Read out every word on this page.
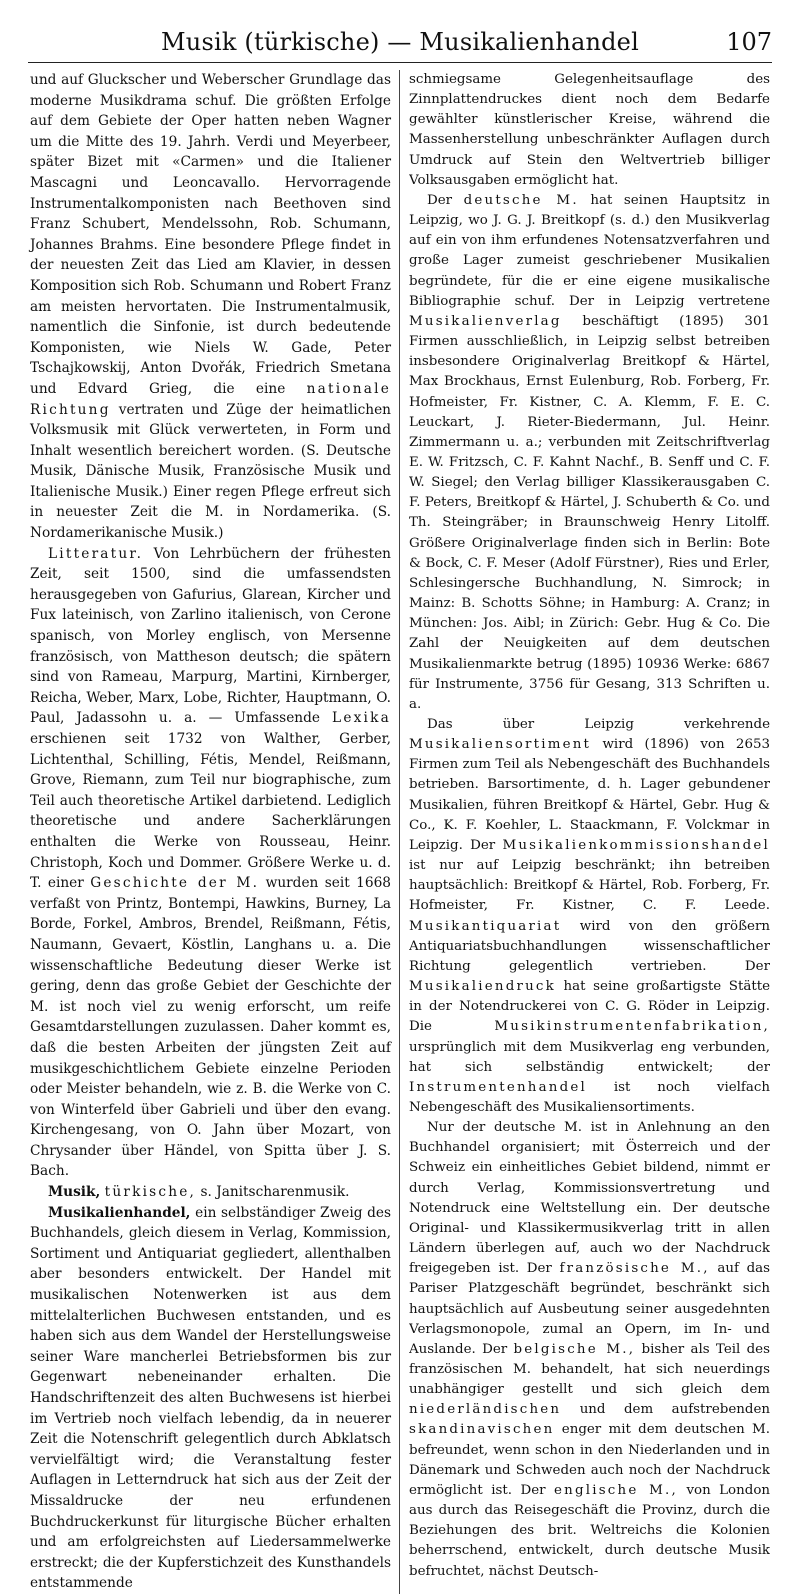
Musik (türkische) — Musikalienhandel	107

und auf Gluckscher und Weberscher Grundlage das moderne Musikdrama schuf. Die größten Erfolge auf dem Gebiete der Oper hatten neben Wagner um die Mitte des 19. Jahrh. Verdi und Meyerbeer, später Bizet mit «Carmen» und die Italiener Mascagni und Leoncavallo. Hervorragende Instrumentalkomponisten nach Beethoven sind Franz Schubert, Mendelssohn, Rob. Schumann, Johannes Brahms. Eine besondere Pflege findet in der neuesten Zeit das Lied am Klavier, in dessen Komposition sich Rob. Schumann und Robert Franz am meisten hervortaten. Die Instrumentalmusik, namentlich die Sinfonie, ist durch bedeutende Komponisten, wie Niels W. Gade, Peter Tschajkowskij, Anton Dvořák, Friedrich Smetana und Edvard Grieg, die eine nationale Richtung vertraten und Züge der heimatlichen Volksmusik mit Glück verwerteten, in Form und Inhalt wesentlich bereichert worden. (S. Deutsche Musik, Dänische Musik, Französische Musik und Italienische Musik.) Einer regen Pflege erfreut sich in neuester Zeit die M. in Nordamerika. (S. Nordamerikanische Musik.)

Litteratur. Von Lehrbüchern der frühesten Zeit, seit 1500, sind die umfassendsten herausgegeben von Gafurius, Glarean, Kircher und Fux lateinisch, von Zarlino italienisch, von Cerone spanisch, von Morley englisch, von Mersenne französisch, von Mattheson deutsch; die spätern sind von Rameau, Marpurg, Martini, Kirnberger, Reicha, Weber, Marx, Lobe, Richter, Hauptmann, O. Paul, Jadassohn u. a. — Umfassende Lexika erschienen seit 1732 von Walther, Gerber, Lichtenthal, Schilling, Fétis, Mendel, Reißmann, Grove, Riemann, zum Teil nur biographische, zum Teil auch theoretische Artikel darbietend. Lediglich theoretische und andere Sacherklärungen enthalten die Werke von Rousseau, Heinr. Christoph, Koch und Dommer. Größere Werke u. d. T. einer Geschichte der M. wurden seit 1668 verfaßt von Printz, Bontempi, Hawkins, Burney, La Borde, Forkel, Ambros, Brendel, Reißmann, Fétis, Naumann, Gevaert, Köstlin, Langhans u. a. Die wissenschaftliche Bedeutung dieser Werke ist gering, denn das große Gebiet der Geschichte der M. ist noch viel zu wenig erforscht, um reife Gesamtdarstellungen zuzulassen. Daher kommt es, daß die besten Arbeiten der jüngsten Zeit auf musikgeschichtlichem Gebiete einzelne Perioden oder Meister behandeln, wie z. B. die Werke von C. von Winterfeld über Gabrieli und über den evang. Kirchengesang, von O. Jahn über Mozart, von Chrysander über Händel, von Spitta über J. S. Bach.

Musik, türkische, s. Janitscharenmusik.

Musikalienhandel, ein selbständiger Zweig des Buchhandels, gleich diesem in Verlag, Kommission, Sortiment und Antiquariat gegliedert, allenthalben aber besonders entwickelt. Der Handel mit musikalischen Notenwerken ist aus dem mittelalterlichen Buchwesen entstanden, und es haben sich aus dem Wandel der Herstellungsweise seiner Ware mancherlei Betriebsformen bis zur Gegenwart nebeneinander erhalten. Die Handschriftenzeit des alten Buchwesens ist hierbei im Vertrieb noch vielfach lebendig, da in neuerer Zeit die Notenschrift gelegentlich durch Abklatsch vervielfältigt wird; die Veranstaltung fester Auflagen in Letterndruck hat sich aus der Zeit der Missaldrucke der neu erfundenen Buchdruckerkunst für liturgische Bücher erhalten und am erfolgreichsten auf Liedersammelwerke erstreckt; die der Kupferstichzeit des Kunsthandels entstammende

schmiegsame Gelegenheitsauflage des Zinnplattendruckes dient noch dem Bedarfe gewählter künstlerischer Kreise, während die Massenherstellung unbeschränkter Auflagen durch Umdruck auf Stein den Weltvertrieb billiger Volksausgaben ermöglicht hat.

Der deutsche M. hat seinen Hauptsitz in Leipzig, wo J. G. J. Breitkopf (s. d.) den Musikverlag auf ein von ihm erfundenes Notensatzverfahren und große Lager zumeist geschriebener Musikalien begründete, für die er eine eigene musikalische Bibliographie schuf. Der in Leipzig vertretene Musikalienverlag beschäftigt (1895) 301 Firmen ausschließlich, in Leipzig selbst betreiben insbesondere Originalverlag Breitkopf & Härtel, Max Brockhaus, Ernst Eulenburg, Rob. Forberg, Fr. Hofmeister, Fr. Kistner, C. A. Klemm, F. E. C. Leuckart, J. Rieter-Biedermann, Jul. Heinr. Zimmermann u. a.; verbunden mit Zeitschriftverlag E. W. Fritzsch, C. F. Kahnt Nachf., B. Senff und C. F. W. Siegel; den Verlag billiger Klassikerausgaben C. F. Peters, Breitkopf & Härtel, J. Schuberth & Co. und Th. Steingräber; in Braunschweig Henry Litolff. Größere Originalverlage finden sich in Berlin: Bote & Bock, C. F. Meser (Adolf Fürstner), Ries und Erler, Schlesingersche Buchhandlung, N. Simrock; in Mainz: B. Schotts Söhne; in Hamburg: A. Cranz; in München: Jos. Aibl; in Zürich: Gebr. Hug & Co. Die Zahl der Neuigkeiten auf dem deutschen Musikalienmarkte betrug (1895) 10936 Werke: 6867 für Instrumente, 3756 für Gesang, 313 Schriften u. a.

Das über Leipzig verkehrende Musikaliensortiment wird (1896) von 2653 Firmen zum Teil als Nebengeschäft des Buchhandels betrieben. Barsortimente, d. h. Lager gebundener Musikalien, führen Breitkopf & Härtel, Gebr. Hug & Co., K. F. Koehler, L. Staackmann, F. Volckmar in Leipzig. Der Musikalienkommissionshandel ist nur auf Leipzig beschränkt; ihn betreiben hauptsächlich: Breitkopf & Härtel, Rob. Forberg, Fr. Hofmeister, Fr. Kistner, C. F. Leede. Musikantiquariat wird von den größern Antiquariatsbuchhandlungen wissenschaftlicher Richtung gelegentlich vertrieben. Der Musikaliendruck hat seine großartigste Stätte in der Notendruckerei von C. G. Röder in Leipzig. Die	Musikinstrumentenfabrikation, ursprünglich mit dem Musikverlag eng verbunden, hat sich selbständig entwickelt; der Instrumentenhandel ist noch vielfach Nebengeschäft des Musikaliensortiments.

Nur der deutsche M. ist in Anlehnung an den Buchhandel organisiert; mit Österreich und der Schweiz ein einheitliches Gebiet bildend, nimmt er durch Verlag, Kommissionsvertretung und Notendruck eine Weltstellung ein. Der deutsche Original- und Klassikermusikverlag tritt in allen Ländern überlegen auf, auch wo der Nachdruck freigegeben ist. Der französische M., auf das Pariser Platzgeschäft begründet, beschränkt sich hauptsächlich auf Ausbeutung seiner ausgedehnten Verlagsmonopole, zumal an Opern, im In- und Auslande. Der belgische M., bisher als Teil des französischen M. behandelt, hat sich neuerdings unabhängiger gestellt und sich gleich dem niederländischen und dem aufstrebenden skandinavischen enger mit dem deutschen M. befreundet, wenn schon in den Niederlanden und in Dänemark und Schweden auch noch der Nachdruck ermöglicht ist. Der englische M., von London aus durch das Reisegeschäft die Provinz, durch die Beziehungen des brit. Weltreichs die Kolonien beherrschend, entwickelt, durch deutsche Musik befruchtet, nächst Deutsch-
